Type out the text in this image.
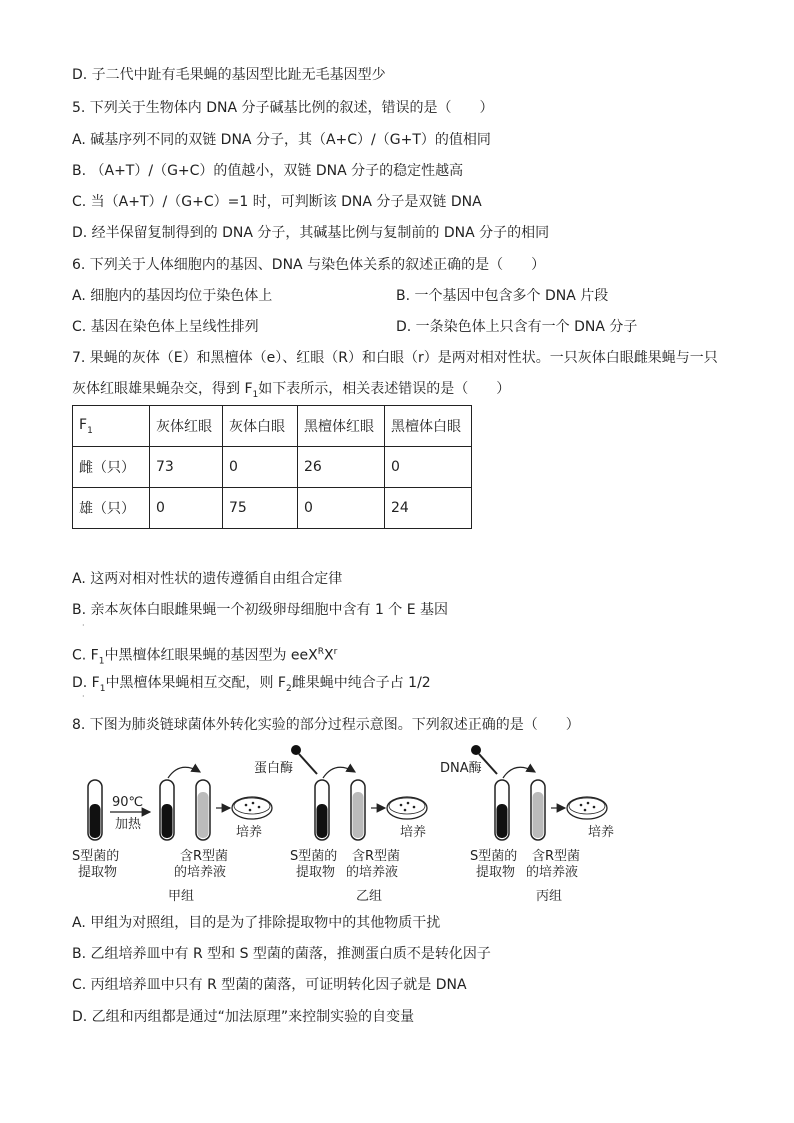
D. 子二代中趾有毛果蝇的基因型比趾无毛基因型少
5. 下列关于生物体内 DNA 分子碱基比例的叙述，错误的是（　　）
A. 碱基序列不同的双链 DNA 分子，其（A+C）/（G+T）的值相同
B. （A+T）/（G+C）的值越小，双链 DNA 分子的稳定性越高
C. 当（A+T）/（G+C）=1 时，可判断该 DNA 分子是双链 DNA
D. 经半保留复制得到的 DNA 分子，其碱基比例与复制前的 DNA 分子的相同
6. 下列关于人体细胞内的基因、DNA 与染色体关系的叙述正确的是（　　）
A. 细胞内的基因均位于染色体上	B. 一个基因中包含多个 DNA 片段
C. 基因在染色体上呈线性排列	D. 一条染色体上只含有一个 DNA 分子
7. 果蝇的灰体（E）和黑檀体（e）、红眼（R）和白眼（r）是两对相对性状。一只灰体白眼雌果蝇与一只
灰体红眼雄果蝇杂交，得到 $F_1$如下表所示，相关表述错误的是（　　）
$F_1$	灰体红眼	灰体白眼	黑檀体红眼	黑檀体白眼
雌（只）	73	0	26	0
雄（只）	0	75	0	24
A. 这两对相对性状的遗传遵循自由组合定律
B. 亲本灰体白眼雌果蝇一个初级卵母细胞中含有 1 个 E 基因
·
C. $F_1$中黑檀体红眼果蝇的基因型为 $eeX^RX^r$
D. $F_1$中黑檀体果蝇相互交配，则 $F_2$雌果蝇中纯合子占 1/2
·
8. 下图为肺炎链球菌体外转化实验的部分过程示意图。下列叙述正确的是（　　）
90℃
加热
培养
S型菌的
提取物
含R型菌
的培养液
甲组
蛋白酶
培养
S型菌的
提取物
含R型菌
的培养液
乙组
DNA酶
培养
S型菌的
提取物
含R型菌
的培养液
丙组
A. 甲组为对照组，目的是为了排除提取物中的其他物质干扰
B. 乙组培养皿中有 R 型和 S 型菌的菌落，推测蛋白质不是转化因子
C. 丙组培养皿中只有 R 型菌的菌落，可证明转化因子就是 DNA
D. 乙组和丙组都是通过“加法原理”来控制实验的自变量
